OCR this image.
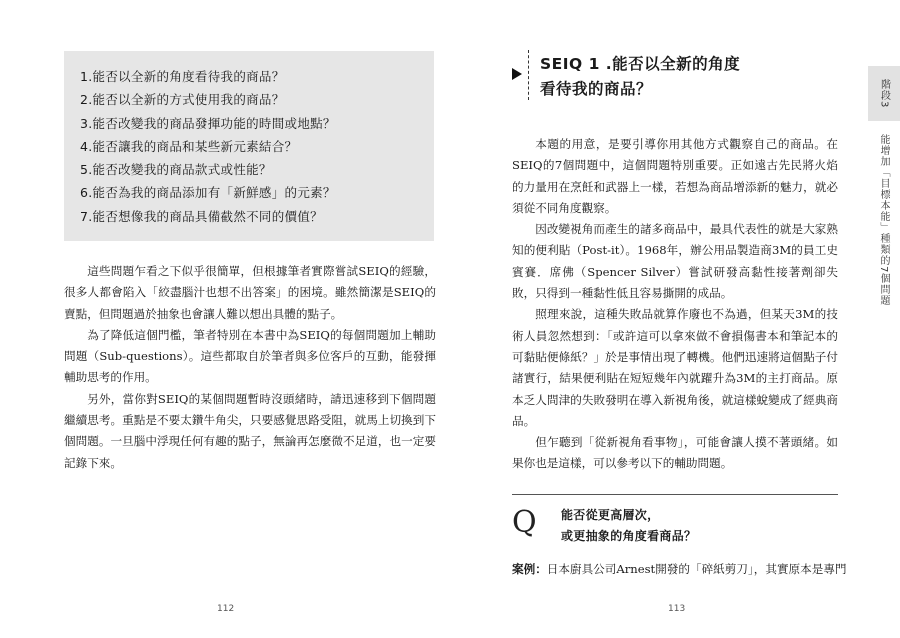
1.能否以全新的角度看待我的商品？
2.能否以全新的方式使用我的商品？
3.能否改變我的商品發揮功能的時間或地點？
4.能否讓我的商品和某些新元素結合？
5.能否改變我的商品款式或性能？
6.能否為我的商品添加有「新鮮感」的元素？
7.能否想像我的商品具備截然不同的價值？

這些問題乍看之下似乎很簡單，但根據筆者實際嘗試SEIQ的經驗，很多人都會陷入「絞盡腦汁也想不出答案」的困境。雖然簡潔是SEIQ的賣點，但問題過於抽象也會讓人難以想出具體的點子。

為了降低這個門檻，筆者特別在本書中為SEIQ的每個問題加上輔助問題（Sub-questions）。這些都取自於筆者與多位客戶的互動，能發揮輔助思考的作用。

另外，當你對SEIQ的某個問題暫時沒頭緒時，請迅速移到下個問題繼續思考。重點是不要太鑽牛角尖，只要感覺思路受阻，就馬上切換到下個問題。一旦腦中浮現任何有趣的點子，無論再怎麼微不足道，也一定要記錄下來。

112
SEIQ 1 .能否以全新的角度
看待我的商品？	階段3
能增加「目標本能」種類的7個問題

本題的用意，是要引導你用其他方式觀察自己的商品。在SEIQ的7個問題中，這個問題特別重要。正如遠古先民將火焰的力量用在烹飪和武器上一樣，若想為商品增添新的魅力，就必須從不同角度觀察。

因改變視角而產生的諸多商品中，最具代表性的就是大家熟知的便利貼（Post-it）。1968年，辦公用品製造商3M的員工史賓賽．席佛（Spencer Silver）嘗試研發高黏性接著劑卻失敗，只得到一種黏性低且容易撕開的成品。

照理來說，這種失敗品就算作廢也不為過，但某天3M的技術人員忽然想到：「或許這可以拿來做不會損傷書本和筆記本的可黏貼便條紙？」於是事情出現了轉機。他們迅速將這個點子付諸實行，結果便利貼在短短幾年內就躍升為3M的主打商品。原本乏人問津的失敗發明在導入新視角後，就這樣蛻變成了經典商品。

但乍聽到「從新視角看事物」，可能會讓人摸不著頭緒。如果你也是這樣，可以參考以下的輔助問題。

Q 能否從更高層次，
或更抽象的角度看商品？
案例：日本廚具公司Arnest開發的「碎紙剪刀」，其實原本是專門
113
